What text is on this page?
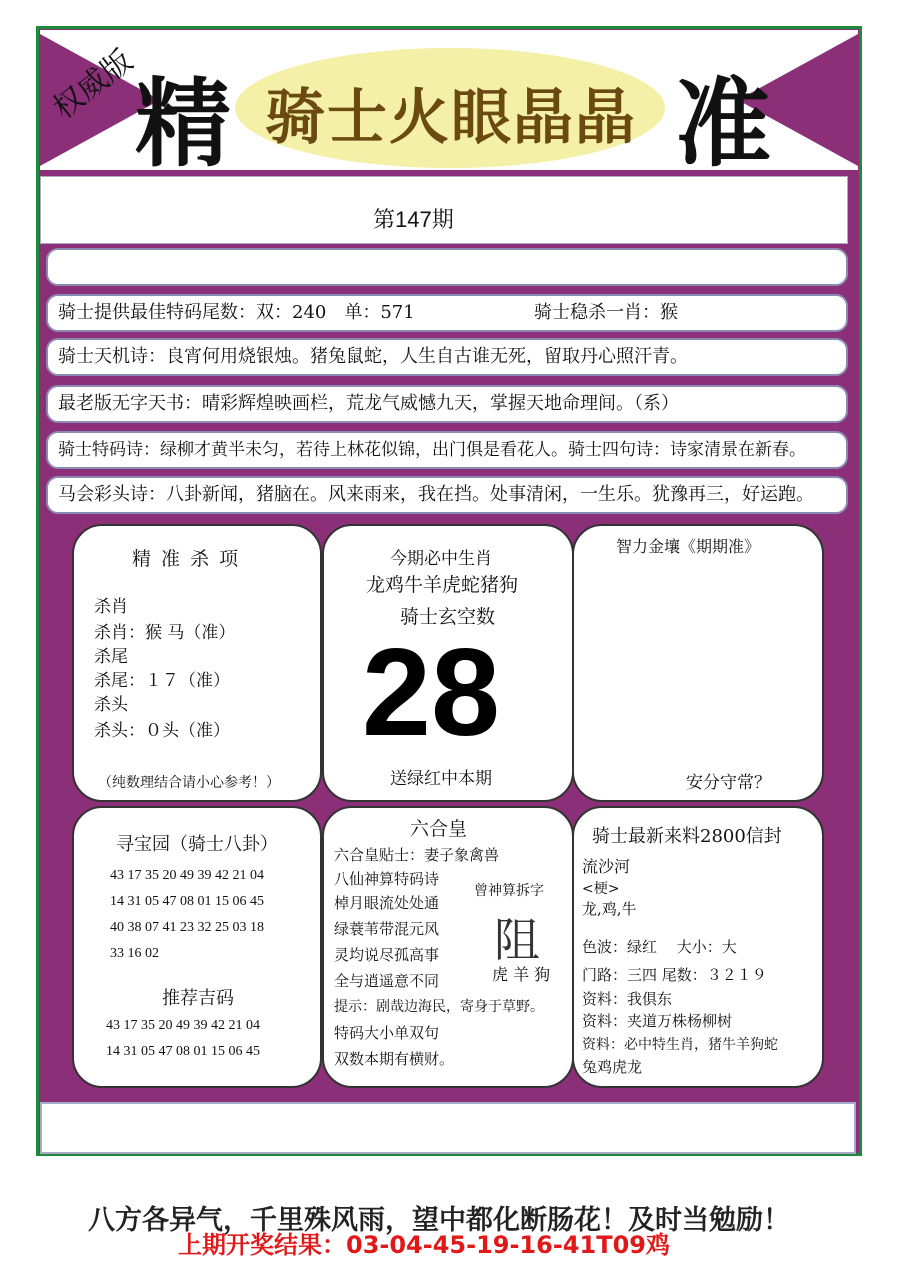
权威版
精 骑士火眼晶晶 准
第147期
骑士提供最佳特码尾数：双：240　单：571	骑士稳杀一肖：猴
骑士天机诗：良宵何用烧银烛。猪兔鼠蛇，人生自古谁无死，留取丹心照汗青。
最老版无字天书：晴彩辉煌映画栏，荒龙气威憾九天，掌握天地命理间。（系）
骑士特码诗：绿柳才黄半未匀，若待上林花似锦，出门俱是看花人。骑士四句诗：诗家清景在新春。
马会彩头诗：八卦新闻，猪脑在。风来雨来，我在挡。处事清闲，一生乐。犹豫再三，好运跑。
精 准 杀 项
杀肖
杀肖：猴 马（准）
杀尾
杀尾：１７（准）
杀头
杀头：０头（准）
（纯数理结合请小心参考！）
今期必中生肖
龙鸡牛羊虎蛇猪狗
骑士玄空数
28
送绿红中本期
智力金壤《期期准》
安分守常？
寻宝园（骑士八卦）
43 17 35 20 49 39 42 21 04
14 31 05 47 08 01 15 06 45
40 38 07 41 23 32 25 03 18
33 16 02
推荐吉码
43 17 35 20 49 39 42 21 04
14 31 05 47 08 01 15 06 45
六合皇
六合皇贴士：妻子象禽兽
八仙神算特码诗
棹月眼流处处通
绿蓑苇带混元风
灵均说尽孤高事
全与逍遥意不同
提示：剧哉边海民，寄身于草野。
特码大小单双句
双数本期有横财。
曾神算拆字
阻
虎 羊 狗
骑士最新来料2800信封
流沙河
<梗>
龙,鸡,牛
色波：绿红　 大小：大
门路：三四 尾数：３２１９
资料：我俱东
资料：夹道万株杨柳树
资料：必中特生肖，猪牛羊狗蛇
兔鸡虎龙
八方各异气，千里殊风雨，望中都化断肠花！及时当勉励！
上期开奖结果：03-04-45-19-16-41T09鸡
